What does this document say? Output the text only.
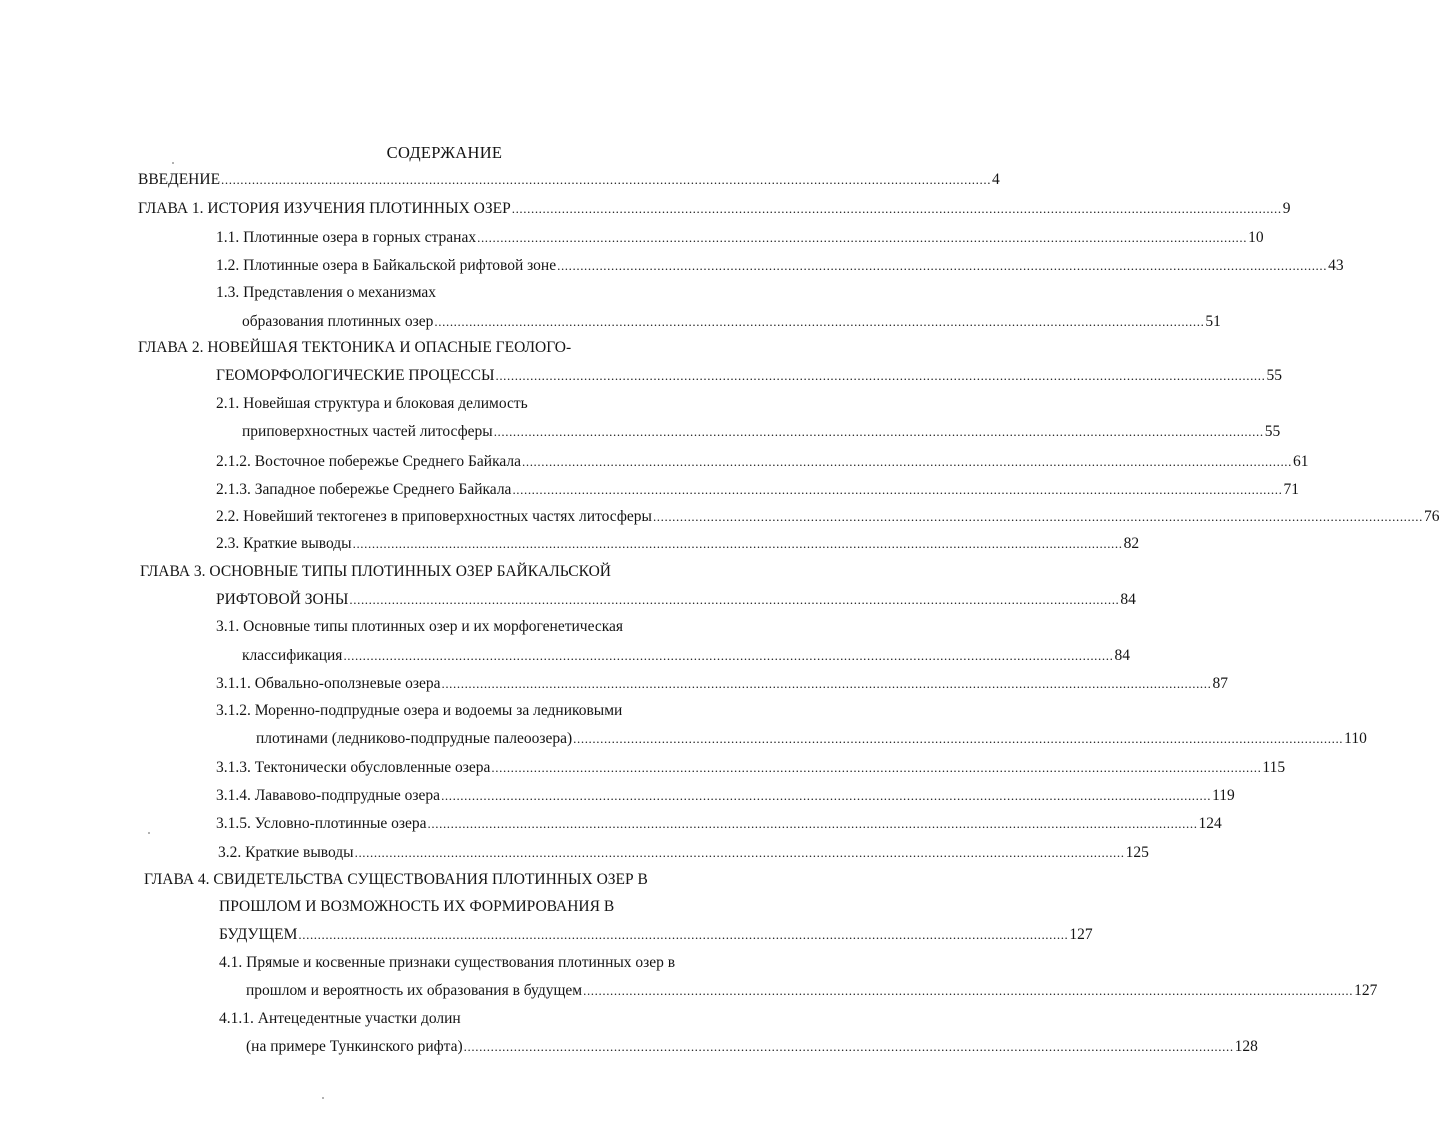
СОДЕРЖАНИЕ
ВВЕДЕНИЕ ........................................................................................................................................................................................................ 4
ГЛАВА 1. ИСТОРИЯ ИЗУЧЕНИЯ ПЛОТИННЫХ ОЗЕР ........................................................................................................................................................................................................ 9
1.1. Плотинные озера в горных странах ........................................................................................................................................................................................................ 10
1.2. Плотинные озера в Байкальской рифтовой зоне ........................................................................................................................................................................................................ 43
1.3. Представления о механизмах
образования плотинных озер ........................................................................................................................................................................................................ 51
ГЛАВА 2. НОВЕЙШАЯ ТЕКТОНИКА И ОПАСНЫЕ ГЕОЛОГО-
ГЕОМОРФОЛОГИЧЕСКИЕ ПРОЦЕССЫ ........................................................................................................................................................................................................ 55
2.1. Новейшая структура и блоковая делимость
приповерхностных частей литосферы ........................................................................................................................................................................................................ 55
2.1.2. Восточное побережье Среднего Байкала ........................................................................................................................................................................................................ 61
2.1.3. Западное побережье Среднего Байкала ........................................................................................................................................................................................................ 71
2.2. Новейший тектогенез в приповерхностных частях литосферы ........................................................................................................................................................................................................ 76
2.3. Краткие выводы ........................................................................................................................................................................................................ 82
ГЛАВА 3. ОСНОВНЫЕ ТИПЫ ПЛОТИННЫХ ОЗЕР БАЙКАЛЬСКОЙ
РИФТОВОЙ ЗОНЫ ........................................................................................................................................................................................................ 84
3.1. Основные типы плотинных озер и их морфогенетическая
классификация ........................................................................................................................................................................................................ 84
3.1.1. Обвально-оползневые озера ........................................................................................................................................................................................................ 87
3.1.2. Моренно-подпрудные озера и водоемы за ледниковыми
плотинами (ледниково-подпрудные палеоозера) ........................................................................................................................................................................................................ 110
3.1.3. Тектонически обусловленные озера ........................................................................................................................................................................................................ 115
3.1.4. Лававово-подпрудные озера ........................................................................................................................................................................................................ 119
3.1.5. Условно-плотинные озера ........................................................................................................................................................................................................ 124
3.2. Краткие выводы ........................................................................................................................................................................................................ 125
ГЛАВА 4. СВИДЕТЕЛЬСТВА СУЩЕСТВОВАНИЯ ПЛОТИННЫХ ОЗЕР В
ПРОШЛОМ И ВОЗМОЖНОСТЬ ИХ ФОРМИРОВАНИЯ В
БУДУЩЕМ ........................................................................................................................................................................................................ 127
4.1. Прямые и косвенные признаки существования плотинных озер в
прошлом и вероятность их образования в будущем ........................................................................................................................................................................................................ 127
4.1.1. Антецедентные участки долин
(на примере Тункинского рифта) ........................................................................................................................................................................................................ 128
